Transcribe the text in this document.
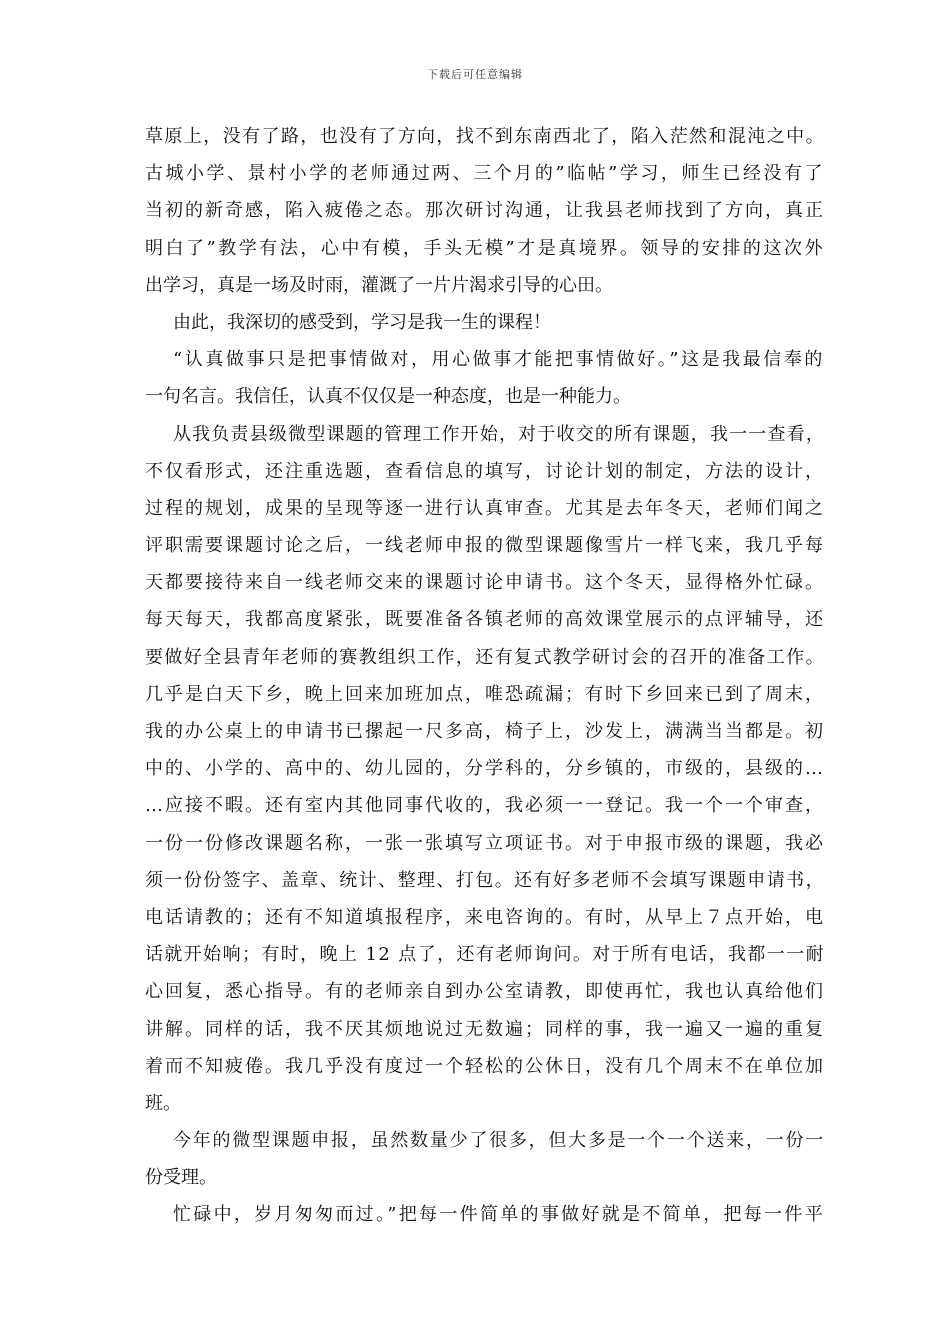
下载后可任意编辑
草原上，没有了路，也没有了方向，找不到东南西北了，陷入茫然和混沌之中。
古城小学、景村小学的老师通过两、三个月的”临帖”学习，师生已经没有了
当初的新奇感，陷入疲倦之态。那次研讨沟通，让我县老师找到了方向，真正
明白了”教学有法，心中有模，手头无模”才是真境界。领导的安排的这次外
出学习，真是一场及时雨，灌溉了一片片渴求引导的心田。
由此，我深切的感受到，学习是我一生的课程！
“认真做事只是把事情做对，用心做事才能把事情做好。”这是我最信奉的
一句名言。我信任，认真不仅仅是一种态度，也是一种能力。
从我负责县级微型课题的管理工作开始，对于收交的所有课题，我一一查看，
不仅看形式，还注重选题，查看信息的填写，讨论计划的制定，方法的设计，
过程的规划，成果的呈现等逐一进行认真审查。尤其是去年冬天，老师们闻之
评职需要课题讨论之后，一线老师申报的微型课题像雪片一样飞来，我几乎每
天都要接待来自一线老师交来的课题讨论申请书。这个冬天，显得格外忙碌。
每天每天，我都高度紧张，既要准备各镇老师的高效课堂展示的点评辅导，还
要做好全县青年老师的赛教组织工作，还有复式教学研讨会的召开的准备工作。
几乎是白天下乡，晚上回来加班加点，唯恐疏漏；有时下乡回来已到了周末，
我的办公桌上的申请书已摞起一尺多高，椅子上，沙发上，满满当当都是。初
中的、小学的、高中的、幼儿园的，分学科的，分乡镇的，市级的，县级的…
…应接不暇。还有室内其他同事代收的，我必须一一登记。我一个一个审查，
一份一份修改课题名称，一张一张填写立项证书。对于申报市级的课题，我必
须一份份签字、盖章、统计、整理、打包。还有好多老师不会填写课题申请书，
电话请教的；还有不知道填报程序，来电咨询的。有时，从早上７点开始，电
话就开始响；有时，晚上 12 点了，还有老师询问。对于所有电话，我都一一耐
心回复，悉心指导。有的老师亲自到办公室请教，即使再忙，我也认真给他们
讲解。同样的话，我不厌其烦地说过无数遍；同样的事，我一遍又一遍的重复
着而不知疲倦。我几乎没有度过一个轻松的公休日，没有几个周末不在单位加
班。
今年的微型课题申报，虽然数量少了很多，但大多是一个一个送来，一份一
份受理。
忙碌中，岁月匆匆而过。”把每一件简单的事做好就是不简单，把每一件平
